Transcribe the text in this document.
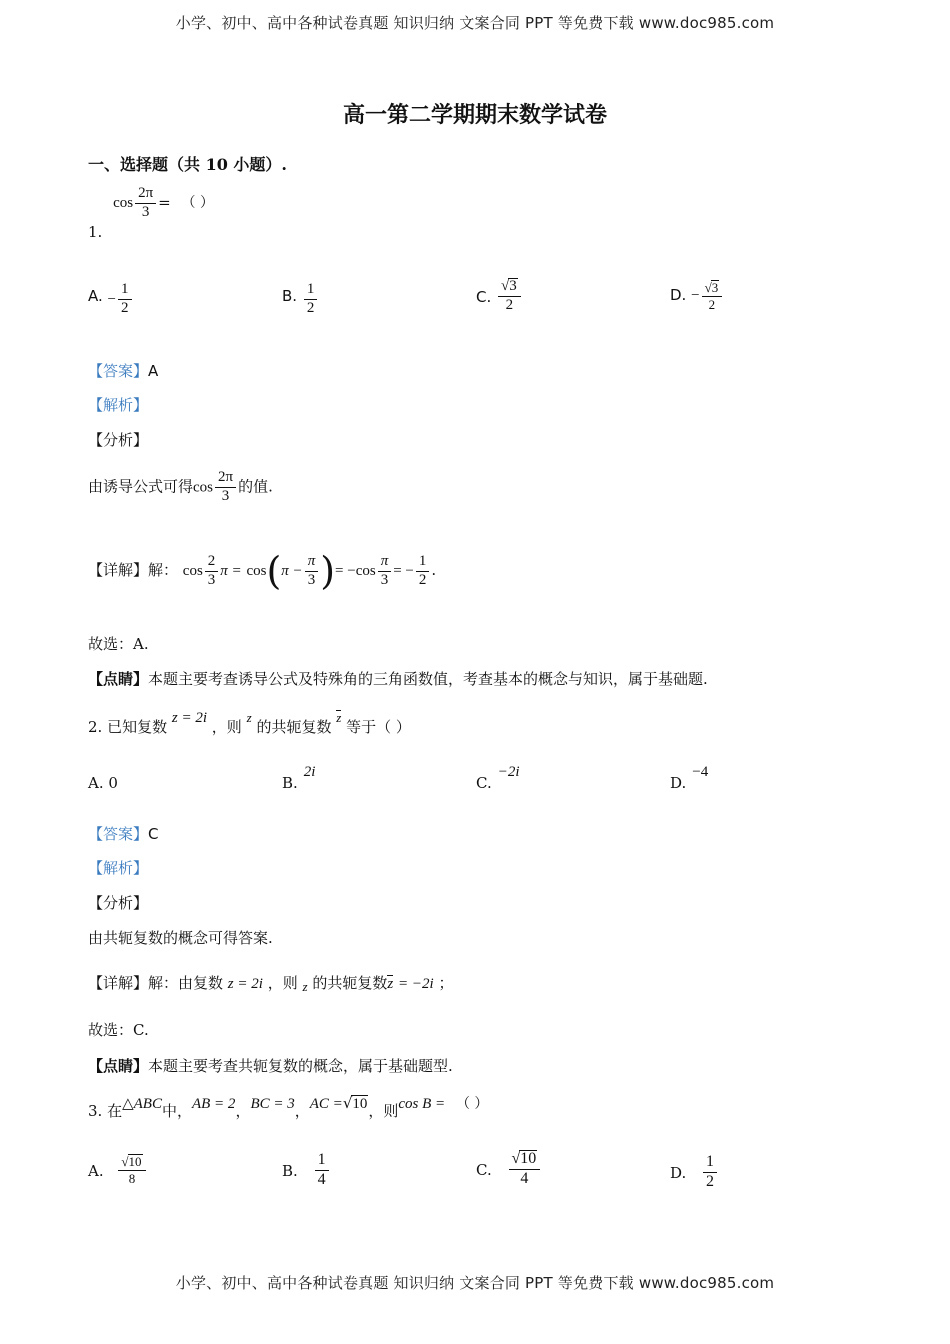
小学、初中、高中各种试卷真题 知识归纳 文案合同 PPT 等免费下载 www.doc985.com
高一第二学期期末数学试卷
一、选择题（共 10 小题）.
1. $\cos \frac{2\pi}{3}$ = （ ）
A. − $\frac{1}{2}$	B. $\frac{1}{2}$	C. $\frac{√3}{2}$	D. − $\frac{√3}{2}$
【答案】A
【解析】
【分析】
由诱导公式可得$\cos \frac{2\pi}{3}$ 的值.
【详解】解： $\cos \frac{2}{3}$ $\pi = \cos(\pi - \frac{\pi}{3}$ )= $-\cos \frac{\pi}{3}$ = − $\frac{1}{2}$ .
故选：A.
【点睛】本题主要考查诱导公式及特殊角的三角函数值，考查基本的概念与知识，属于基础题.
2. 已知复数 z = 2i ，则 z 的共轭复数 z 等于（ ）
A. 0	B.2i
C.−2i
D.−4
【答案】C
【解析】
【分析】
由共轭复数的概念可得答案.
【详解】解：由复数 z = 2i ，则 z 的共轭复数z = −2i ；
故选：C.
【点睛】本题主要考查共轭复数的概念，属于基础题型.
3. 在△ABC中，AB = 2，BC = 3，AC =√10，则cos B = （ ）
A. $\frac{√10}{8}$	B. $\frac{1}{4}$	C. $\frac{√10}{4}$	D. $\frac{1}{2}$
小学、初中、高中各种试卷真题 知识归纳 文案合同 PPT 等免费下载 www.doc985.com
